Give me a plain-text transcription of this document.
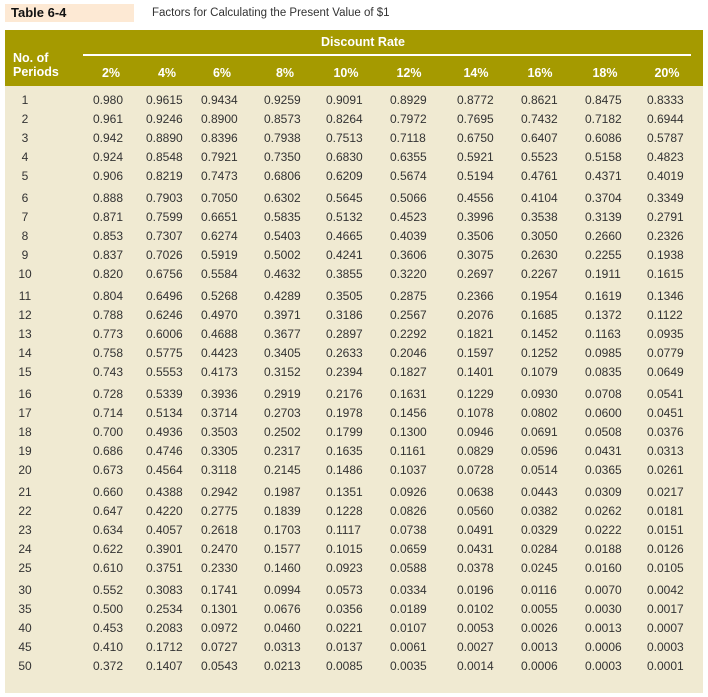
Table 6-4	Factors for Calculating the Present Value of $1
Discount Rate
No. of
Periods	2%	4%	6%	8%	10%	12%	14%	16%	18%	20%
1	0.980 0.9615 0.9434 0.9259 0.9091 0.8929	0.8772 0.8621 0.8475 0.8333
2	0.961 0.9246 0.8900 0.8573 0.8264 0.7972	0.7695 0.7432 0.7182 0.6944
3	0.942 0.8890 0.8396 0.7938 0.7513 0.7118	0.6750 0.6407 0.6086 0.5787
4	0.924 0.8548 0.7921 0.7350 0.6830 0.6355	0.5921 0.5523 0.5158 0.4823
5	0.906 0.8219 0.7473 0.6806 0.6209 0.5674	0.5194 0.4761 0.4371 0.4019
6	0.888 0.7903 0.7050 0.6302 0.5645 0.5066	0.4556 0.4104 0.3704 0.3349
7	0.871 0.7599 0.6651 0.5835 0.5132 0.4523	0.3996 0.3538 0.3139 0.2791
8	0.853 0.7307 0.6274 0.5403 0.4665 0.4039	0.3506 0.3050 0.2660 0.2326
9	0.837 0.7026 0.5919 0.5002 0.4241 0.3606	0.3075 0.2630 0.2255 0.1938
10	0.820 0.6756 0.5584 0.4632 0.3855 0.3220	0.2697 0.2267 0.1911 0.1615
11	0.804 0.6496 0.5268 0.4289 0.3505 0.2875	0.2366 0.1954 0.1619 0.1346
12	0.788 0.6246 0.4970 0.3971 0.3186 0.2567	0.2076 0.1685 0.1372 0.1122
13	0.773 0.6006 0.4688 0.3677 0.2897 0.2292	0.1821 0.1452 0.1163 0.0935
14	0.758 0.5775 0.4423 0.3405 0.2633 0.2046	0.1597 0.1252 0.0985 0.0779
15	0.743 0.5553 0.4173 0.3152 0.2394 0.1827	0.1401 0.1079 0.0835 0.0649
16	0.728 0.5339 0.3936 0.2919 0.2176 0.1631	0.1229 0.0930 0.0708 0.0541
17	0.714 0.5134 0.3714 0.2703 0.1978 0.1456	0.1078 0.0802 0.0600 0.0451
18	0.700 0.4936 0.3503 0.2502 0.1799 0.1300	0.0946 0.0691 0.0508 0.0376
19	0.686 0.4746 0.3305 0.2317 0.1635 0.1161	0.0829 0.0596 0.0431 0.0313
20	0.673 0.4564 0.3118 0.2145 0.1486 0.1037	0.0728 0.0514 0.0365 0.0261
21	0.660 0.4388 0.2942 0.1987 0.1351 0.0926	0.0638 0.0443 0.0309 0.0217
22	0.647 0.4220 0.2775 0.1839 0.1228 0.0826	0.0560 0.0382 0.0262 0.0181
23	0.634 0.4057 0.2618 0.1703 0.1117 0.0738	0.0491 0.0329 0.0222 0.0151
24	0.622 0.3901 0.2470 0.1577 0.1015 0.0659	0.0431 0.0284 0.0188 0.0126
25	0.610 0.3751 0.2330 0.1460 0.0923 0.0588	0.0378 0.0245 0.0160 0.0105
30	0.552 0.3083 0.1741 0.0994 0.0573 0.0334	0.0196 0.0116 0.0070 0.0042
35	0.500 0.2534 0.1301 0.0676 0.0356 0.0189	0.0102 0.0055 0.0030 0.0017
40	0.453 0.2083 0.0972 0.0460 0.0221 0.0107	0.0053 0.0026 0.0013 0.0007
45	0.410 0.1712 0.0727 0.0313 0.0137 0.0061	0.0027 0.0013 0.0006 0.0003
50	0.372 0.1407 0.0543 0.0213 0.0085 0.0035	0.0014 0.0006 0.0003 0.0001
